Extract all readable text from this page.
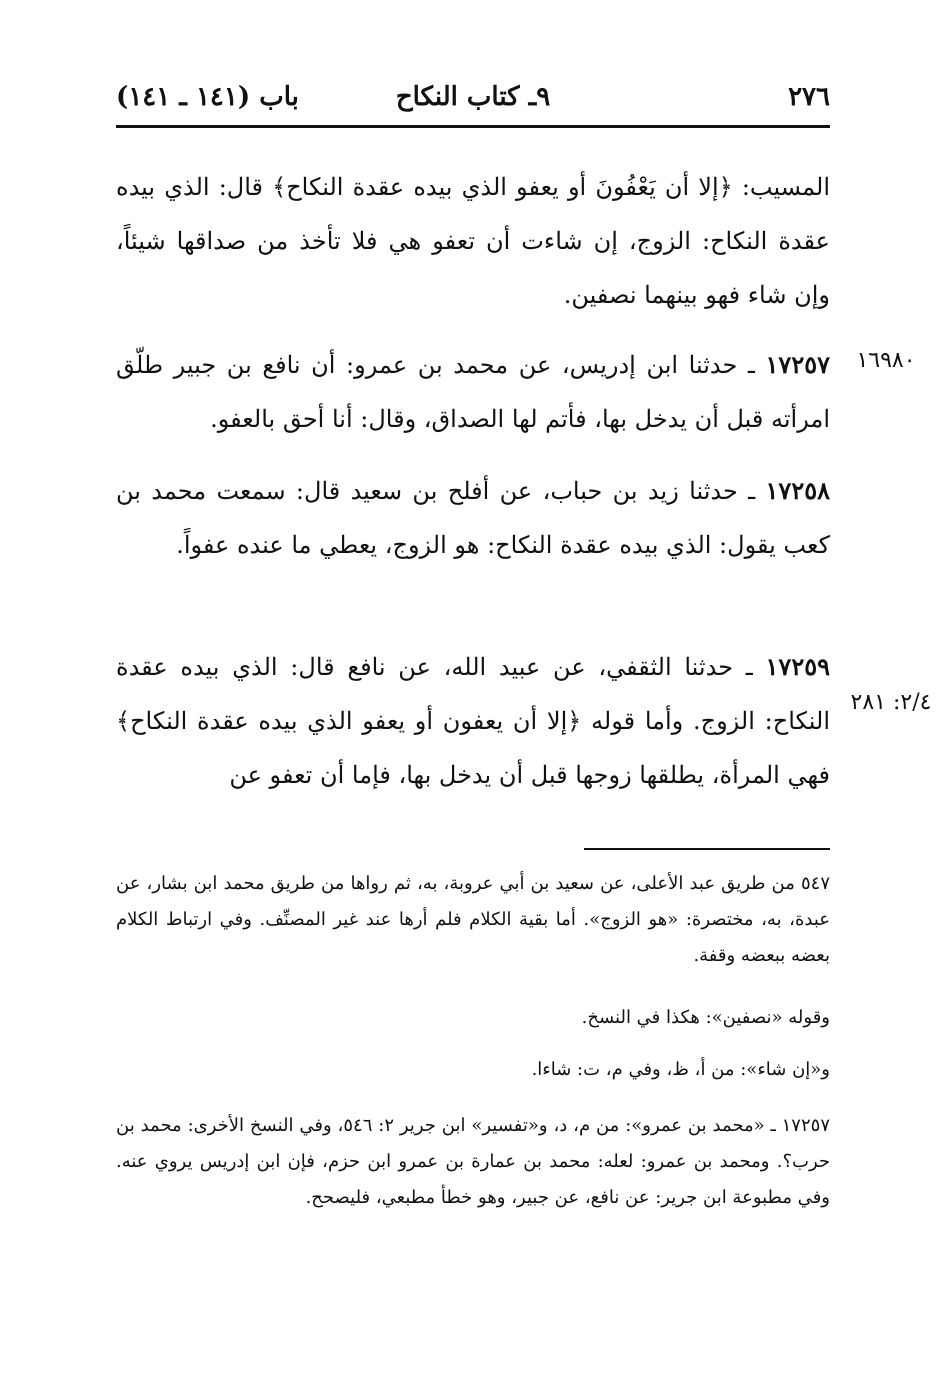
٢٧٦
٩ـ كتاب النكاح
باب (١٤١ ـ ١٤١)
١٦٩٨٠
٢/٤: ٢٨١
المسيب: ﴿إلا أن يَعْفُونَ أو يعفو الذي بيده عقدة النكاح﴾ قال: الذي بيده عقدة النكاح: الزوج، إن شاءت أن تعفو هي فلا تأخذ من صداقها شيئاً، وإن شاء فهو بينهما نصفين.
١٧٢٥٧ ـ حدثنا ابن إدريس، عن محمد بن عمرو: أن نافع بن جبير طلّق امرأته قبل أن يدخل بها، فأتم لها الصداق، وقال: أنا أحق بالعفو.
١٧٢٥٨ ـ حدثنا زيد بن حباب، عن أفلح بن سعيد قال: سمعت محمد بن كعب يقول: الذي بيده عقدة النكاح: هو الزوج، يعطي ما عنده عفواً.
١٧٢٥٩ ـ حدثنا الثقفي، عن عبيد الله، عن نافع قال: الذي بيده عقدة النكاح: الزوج. وأما قوله ﴿إلا أن يعفون أو يعفو الذي بيده عقدة النكاح﴾ فهي المرأة، يطلقها زوجها قبل أن يدخل بها، فإما أن تعفو عن
٥٤٧ من طريق عبد الأعلى، عن سعيد بن أبي عروبة، به، ثم رواها من طريق محمد ابن بشار، عن عبدة، به، مختصرة: «هو الزوج». أما بقية الكلام فلم أرها عند غير المصنِّف. وفي ارتباط الكلام بعضه ببعضه وقفة.
وقوله «نصفين»: هكذا في النسخ.
و«إن شاء»: من أ، ظ، وفي م، ت: شاءا.
١٧٢٥٧ ـ «محمد بن عمرو»: من م، د، و«تفسير» ابن جرير ٢: ٥٤٦، وفي النسخ الأخرى: محمد بن حرب؟. ومحمد بن عمرو: لعله: محمد بن عمارة بن عمرو ابن حزم، فإن ابن إدريس يروي عنه. وفي مطبوعة ابن جرير: عن نافع، عن جبير، وهو خطأ مطبعي، فليصحح.
